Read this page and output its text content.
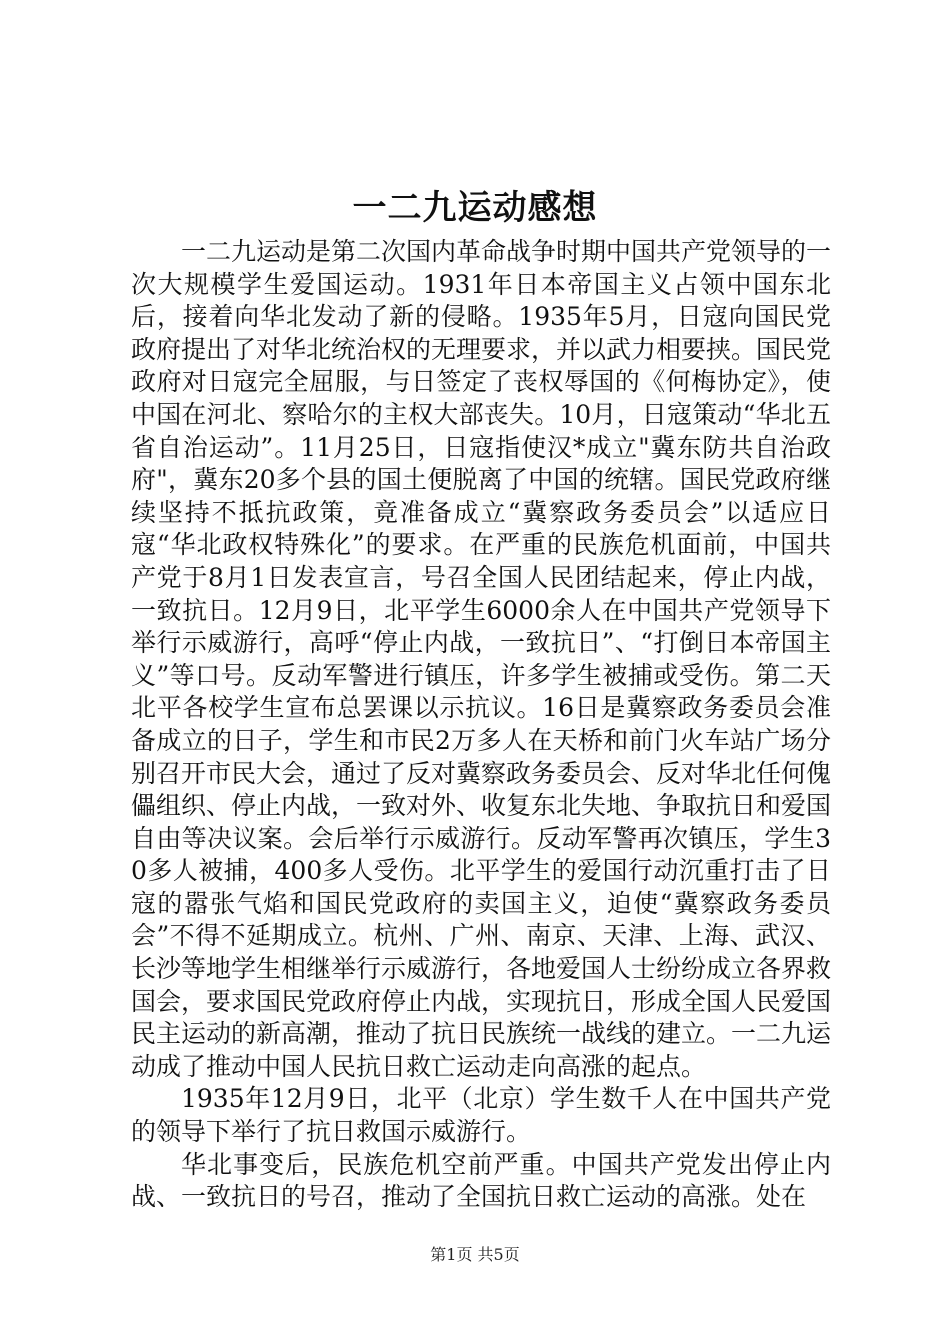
一二九运动感想

一二九运动是第二次国内革命战争时期中国共产党领导的一次大规模学生爱国运动。1931年日本帝国主义占领中国东北后，接着向华北发动了新的侵略。1935年5月，日寇向国民党政府提出了对华北统治权的无理要求，并以武力相要挟。国民党政府对日寇完全屈服，与日签定了丧权辱国的《何梅协定》，使中国在河北、察哈尔的主权大部丧失。10月，日寇策动“华北五省自治运动”。11月25日，日寇指使汉*成立"冀东防共自治政府"，冀东20多个县的国土便脱离了中国的统辖。国民党政府继续坚持不抵抗政策，竟准备成立“冀察政务委员会”以适应日寇“华北政权特殊化”的要求。在严重的民族危机面前，中国共产党于8月1日发表宣言，号召全国人民团结起来，停止内战，一致抗日。12月9日，北平学生6000余人在中国共产党领导下举行示威游行，高呼“停止内战，一致抗日”、“打倒日本帝国主义”等口号。反动军警进行镇压，许多学生被捕或受伤。第二天北平各校学生宣布总罢课以示抗议。16日是冀察政务委员会准备成立的日子，学生和市民2万多人在天桥和前门火车站广场分别召开市民大会，通过了反对冀察政务委员会、反对华北任何傀儡组织、停止内战，一致对外、收复东北失地、争取抗日和爱国自由等决议案。会后举行示威游行。反动军警再次镇压，学生30多人被捕，400多人受伤。北平学生的爱国行动沉重打击了日寇的嚣张气焰和国民党政府的卖国主义，迫使“冀察政务委员会”不得不延期成立。杭州、广州、南京、天津、上海、武汉、长沙等地学生相继举行示威游行，各地爱国人士纷纷成立各界救国会，要求国民党政府停止内战，实现抗日，形成全国人民爱国民主运动的新高潮，推动了抗日民族统一战线的建立。一二九运动成了推动中国人民抗日救亡运动走向高涨的起点。

1935年12月9日，北平（北京）学生数千人在中国共产党的领导下举行了抗日救国示威游行。

华北事变后，民族危机空前严重。中国共产党发出停止内战、一致抗日的号召，推动了全国抗日救亡运动的高涨。处在

第1页 共5页
